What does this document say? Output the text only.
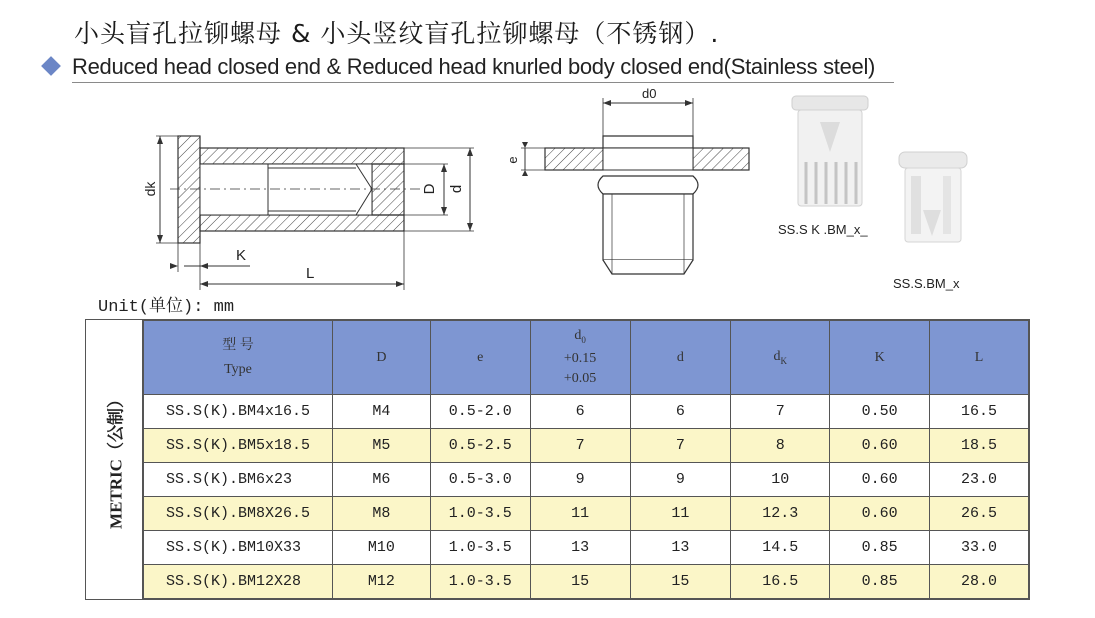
小头盲孔拉铆螺母 & 小头竖纹盲孔拉铆螺母（不锈钢）.
Reduced head closed end & Reduced head knurled body closed end(Stainless steel)
dk	D d
K
L
d0
e
SS.S K .BM_x_
SS.S.BM_x
Unit(单位): mm
METRIC（公制）
型 号
Type	D	e	$d_0$
+0.15
+0.05	d	$d_K$	K	L
SS.S(K).BM4x16.5	M4	0.5-2.0	6	6	7	0.50	16.5
SS.S(K).BM5x18.5	M5	0.5-2.5	7	7	8	0.60	18.5
SS.S(K).BM6x23	M6	0.5-3.0	9	9	10	0.60	23.0
SS.S(K).BM8X26.5	M8	1.0-3.5	11	11	12.3	0.60	26.5
SS.S(K).BM10X33	M10	1.0-3.5	13	13	14.5	0.85	33.0
SS.S(K).BM12X28	M12	1.0-3.5	15	15	16.5	0.85	28.0
